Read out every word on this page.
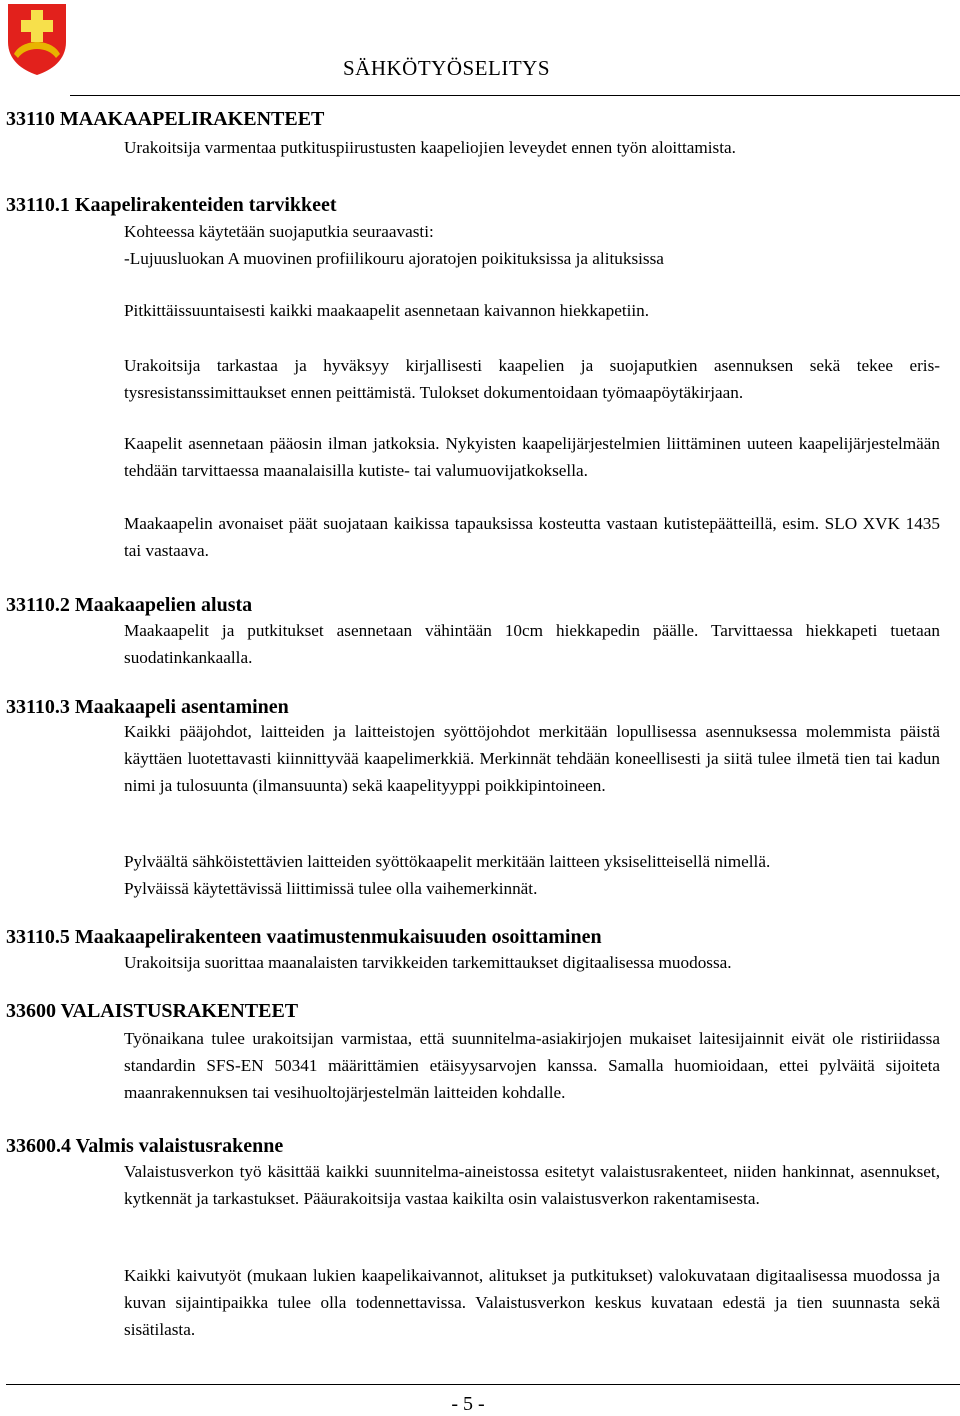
SÄHKÖTYÖSELITYS
33110 MAAKAAPELIRAKENTEET
Urakoitsija varmentaa putkituspiirustusten kaapeliojien leveydet ennen työn aloittamista.
33110.1 Kaapelirakenteiden tarvikkeet
Kohteessa käytetään suojaputkia seuraavasti:
-Lujuusluokan A muovinen profiilikouru ajoratojen poikituksissa ja alituksissa
Pitkittäissuuntaisesti kaikki maakaapelit asennetaan kaivannon hiekkapetiin.
Urakoitsija tarkastaa ja hyväksyy kirjallisesti kaapelien ja suojaputkien asennuksen sekä tekee eristysresistanssimittaukset ennen peittämistä. Tulokset dokumentoidaan työmaapöytäkirjaan.
Kaapelit asennetaan pääosin ilman jatkoksia. Nykyisten kaapelijärjestelmien liittäminen uuteen kaapelijärjestelmään tehdään tarvittaessa maanalaisilla kutiste- tai valumuovijatkoksella.
Maakaapelin avonaiset päät suojataan kaikissa tapauksissa kosteutta vastaan kutistepäätteillä, esim. SLO XVK 1435 tai vastaava.
33110.2 Maakaapelien alusta
Maakaapelit ja putkitukset asennetaan vähintään 10cm hiekkapedin päälle. Tarvittaessa hiekkapeti tuetaan suodatinkankaalla.
33110.3 Maakaapeli asentaminen
Kaikki pääjohdot, laitteiden ja laitteistojen syöttöjohdot merkitään lopullisessa asennuksessa molemmista päistä käyttäen luotettavasti kiinnittyvää kaapelimerkkiä. Merkinnät tehdään koneellisesti ja siitä tulee ilmetä tien tai kadun nimi ja tulosuunta (ilmansuunta) sekä kaapelityyppi poikkipintoineen.
Pylväältä sähköistettävien laitteiden syöttökaapelit merkitään laitteen yksiselitteisellä nimellä.
Pylväissä käytettävissä liittimissä tulee olla vaihemerkinnät.
33110.5 Maakaapelirakenteen vaatimustenmukaisuuden osoittaminen
Urakoitsija suorittaa maanalaisten tarvikkeiden tarkemittaukset digitaalisessa muodossa.
33600 VALAISTUSRAKENTEET
Työnaikana tulee urakoitsijan varmistaa, että suunnitelma-asiakirjojen mukaiset laitesijainnit eivät ole ristiriidassa standardin SFS-EN 50341 määrittämien etäisyysarvojen kanssa. Samalla huomioidaan, ettei pylväitä sijoiteta maanrakennuksen tai vesihuoltojärjestelmän laitteiden kohdalle.
33600.4 Valmis valaistusrakenne
Valaistusverkon työ käsittää kaikki suunnitelma-aineistossa esitetyt valaistusrakenteet, niiden hankinnat, asennukset, kytkennät ja tarkastukset. Pääurakoitsija vastaa kaikilta osin valaistusverkon rakentamisesta.
Kaikki kaivutyöt (mukaan lukien kaapelikaivannot, alitukset ja putkitukset) valokuvataan digitaalisessa muodossa ja kuvan sijaintipaikka tulee olla todennettavissa. Valaistusverkon keskus kuvataan edestä ja tien suunnasta sekä sisätilasta.
- 5 -
